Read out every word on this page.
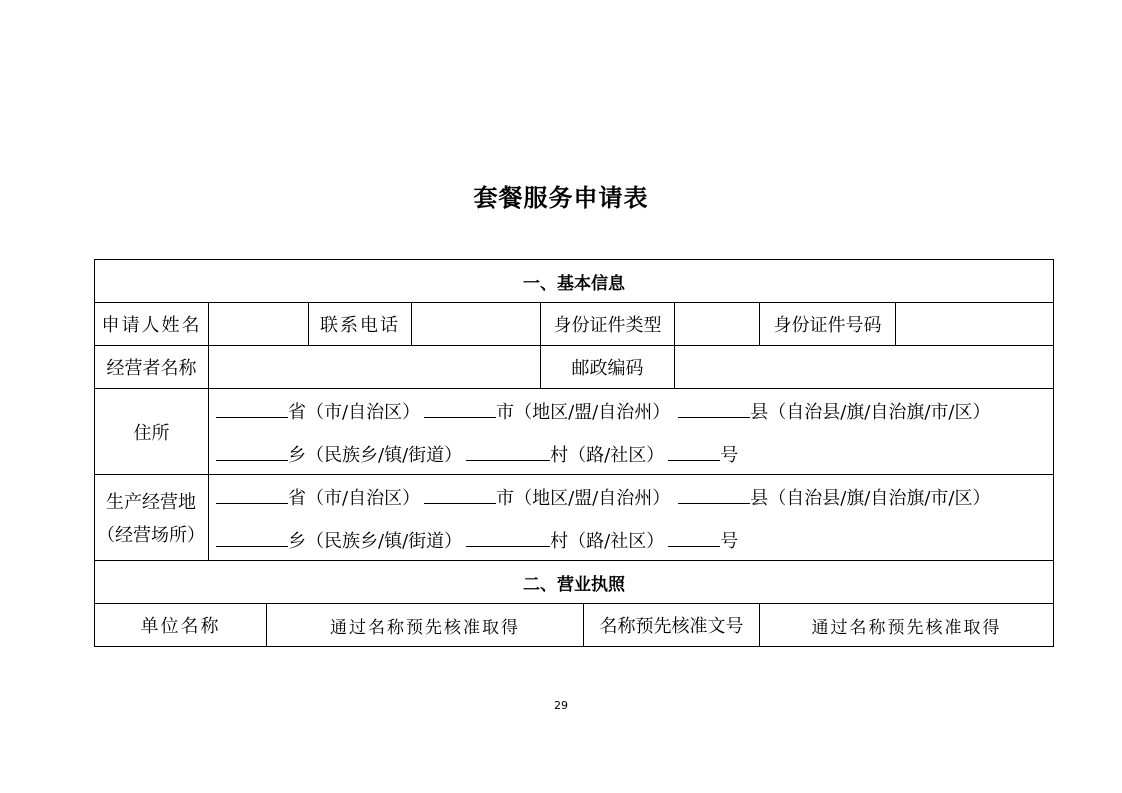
套餐服务申请表
一、基本信息
申请人姓名	联系电话	身份证件类型	身份证件号码
经营者名称	邮政编码
住所
省（市/自治区）	市（地区/盟/自治州）	县（自治县/旗/自治旗/市/区）
乡（民族乡/镇/街道）	村（路/社区）	号
生产经营地
（经营场所）
省（市/自治区）	市（地区/盟/自治州）	县（自治县/旗/自治旗/市/区）
乡（民族乡/镇/街道）	村（路/社区）	号
二、营业执照
单位名称	通过名称预先核准取得	名称预先核准文号	通过名称预先核准取得
29
